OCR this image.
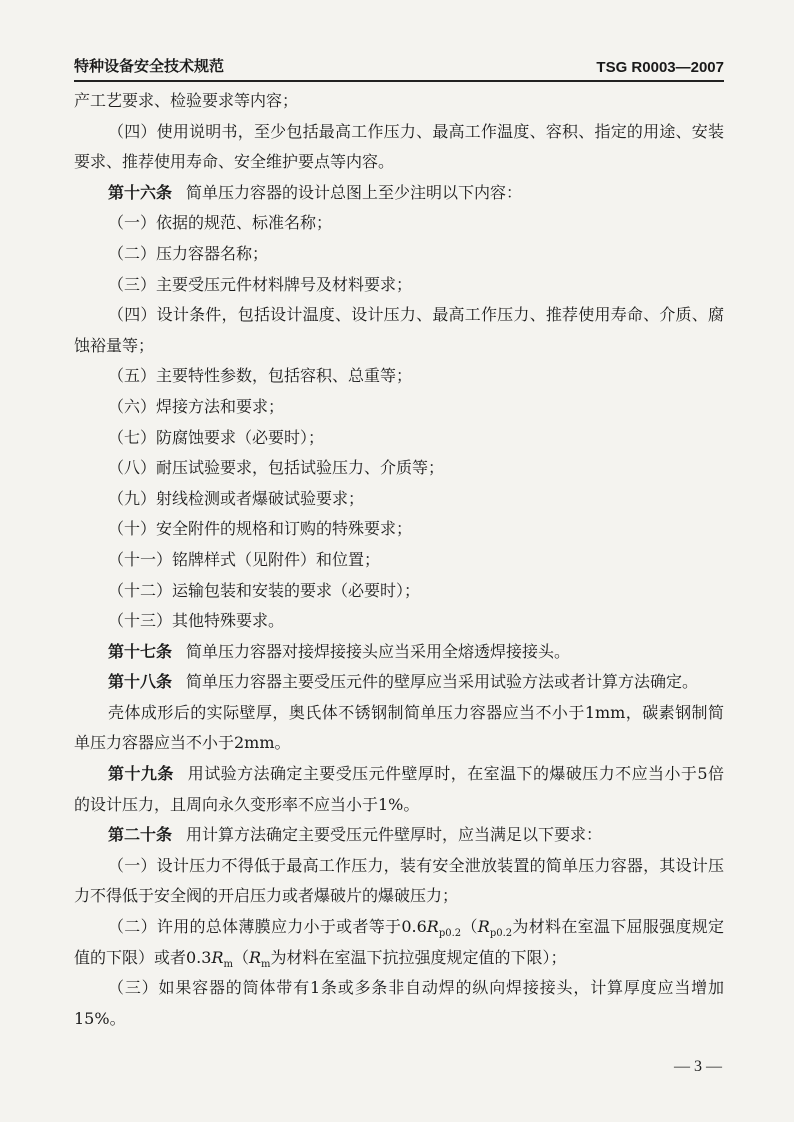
特种设备安全技术规范	TSG R0003—2007

产工艺要求、检验要求等内容；

（四）使用说明书，至少包括最高工作压力、最高工作温度、容积、指定的用途、安装要求、推荐使用寿命、安全维护要点等内容。

第十六条 简单压力容器的设计总图上至少注明以下内容：

（一）依据的规范、标准名称；

（二）压力容器名称；

（三）主要受压元件材料牌号及材料要求；

（四）设计条件，包括设计温度、设计压力、最高工作压力、推荐使用寿命、介质、腐蚀裕量等；

（五）主要特性参数，包括容积、总重等；

（六）焊接方法和要求；

（七）防腐蚀要求（必要时）；

（八）耐压试验要求，包括试验压力、介质等；

（九）射线检测或者爆破试验要求；

（十）安全附件的规格和订购的特殊要求；

（十一）铭牌样式（见附件）和位置；

（十二）运输包装和安装的要求（必要时）；

（十三）其他特殊要求。

第十七条 简单压力容器对接焊接接头应当采用全熔透焊接接头。

第十八条 简单压力容器主要受压元件的壁厚应当采用试验方法或者计算方法确定。

壳体成形后的实际壁厚，奥氏体不锈钢制简单压力容器应当不小于1mm，碳素钢制简单压力容器应当不小于2mm。

第十九条 用试验方法确定主要受压元件壁厚时，在室温下的爆破压力不应当小于5倍的设计压力，且周向永久变形率不应当小于1%。

第二十条 用计算方法确定主要受压元件壁厚时，应当满足以下要求：

（一）设计压力不得低于最高工作压力，装有安全泄放装置的简单压力容器，其设计压力不得低于安全阀的开启压力或者爆破片的爆破压力；

（二）许用的总体薄膜应力小于或者等于$0.6R_{p0.2}(R_{p0.2}$为材料在室温下屈服强度规定值的下限）或者$0.3R_m(R_m$为材料在室温下抗拉强度规定值的下限）；

（三）如果容器的筒体带有1条或多条非自动焊的纵向焊接接头，计算厚度应当增加15%。

— 3 —
